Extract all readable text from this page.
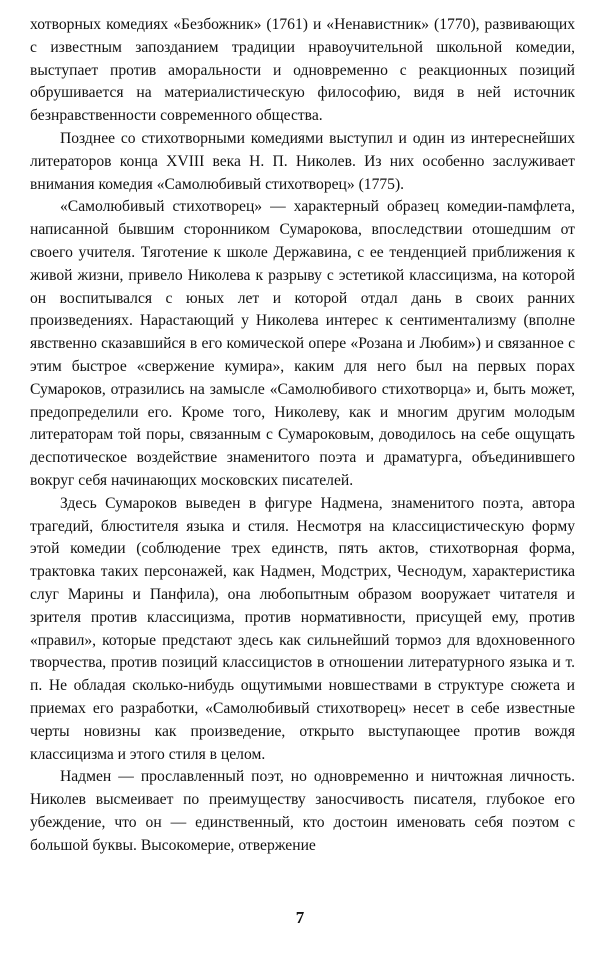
хотворных комедиях «Безбожник» (1761) и «Ненавистник» (1770), развивающих с известным запозданием традиции нравоучительной школьной комедии, выступает против аморальности и одновременно с реакционных позиций обрушивается на материалистическую философию, видя в ней источник безнравственности современного общества.

Позднее со стихотворными комедиями выступил и один из интереснейших литераторов конца XVIII века Н. П. Николев. Из них особенно заслуживает внимания комедия «Самолюбивый стихотворец» (1775).

«Самолюбивый стихотворец» — характерный образец комедии-памфлета, написанной бывшим сторонником Сумарокова, впоследствии отошедшим от своего учителя. Тяготение к школе Державина, с ее тенденцией приближения к живой жизни, привело Николева к разрыву с эстетикой классицизма, на которой он воспитывался с юных лет и которой отдал дань в своих ранних произведениях. Нарастающий у Николева интерес к сентиментализму (вполне явственно сказавшийся в его комической опере «Розана и Любим») и связанное с этим быстрое «свержение кумира», каким для него был на первых порах Сумароков, отразились на замысле «Самолюбивого стихотворца» и, быть может, предопределили его. Кроме того, Николеву, как и многим другим молодым литераторам той поры, связанным с Сумароковым, доводилось на себе ощущать деспотическое воздействие знаменитого поэта и драматурга, объединившего вокруг себя начинающих московских писателей.

Здесь Сумароков выведен в фигуре Надмена, знаменитого поэта, автора трагедий, блюстителя языка и стиля. Несмотря на классицистическую форму этой комедии (соблюдение трех единств, пять актов, стихотворная форма, трактовка таких персонажей, как Надмен, Модстрих, Чеснодум, характеристика слуг Марины и Панфила), она любопытным образом вооружает читателя и зрителя против классицизма, против нормативности, присущей ему, против «правил», которые предстают здесь как сильнейший тормоз для вдохновенного творчества, против позиций классицистов в отношении литературного языка и т. п. Не обладая сколько-нибудь ощутимыми новшествами в структуре сюжета и приемах его разработки, «Самолюбивый стихотворец» несет в себе известные черты новизны как произведение, открыто выступающее против вождя классицизма и этого стиля в целом.

Надмен — прославленный поэт, но одновременно и ничтожная личность. Николев высмеивает по преимуществу заносчивость писателя, глубокое его убеждение, что он — единственный, кто достоин именовать себя поэтом с большой буквы. Высокомерие, отвержение

7
